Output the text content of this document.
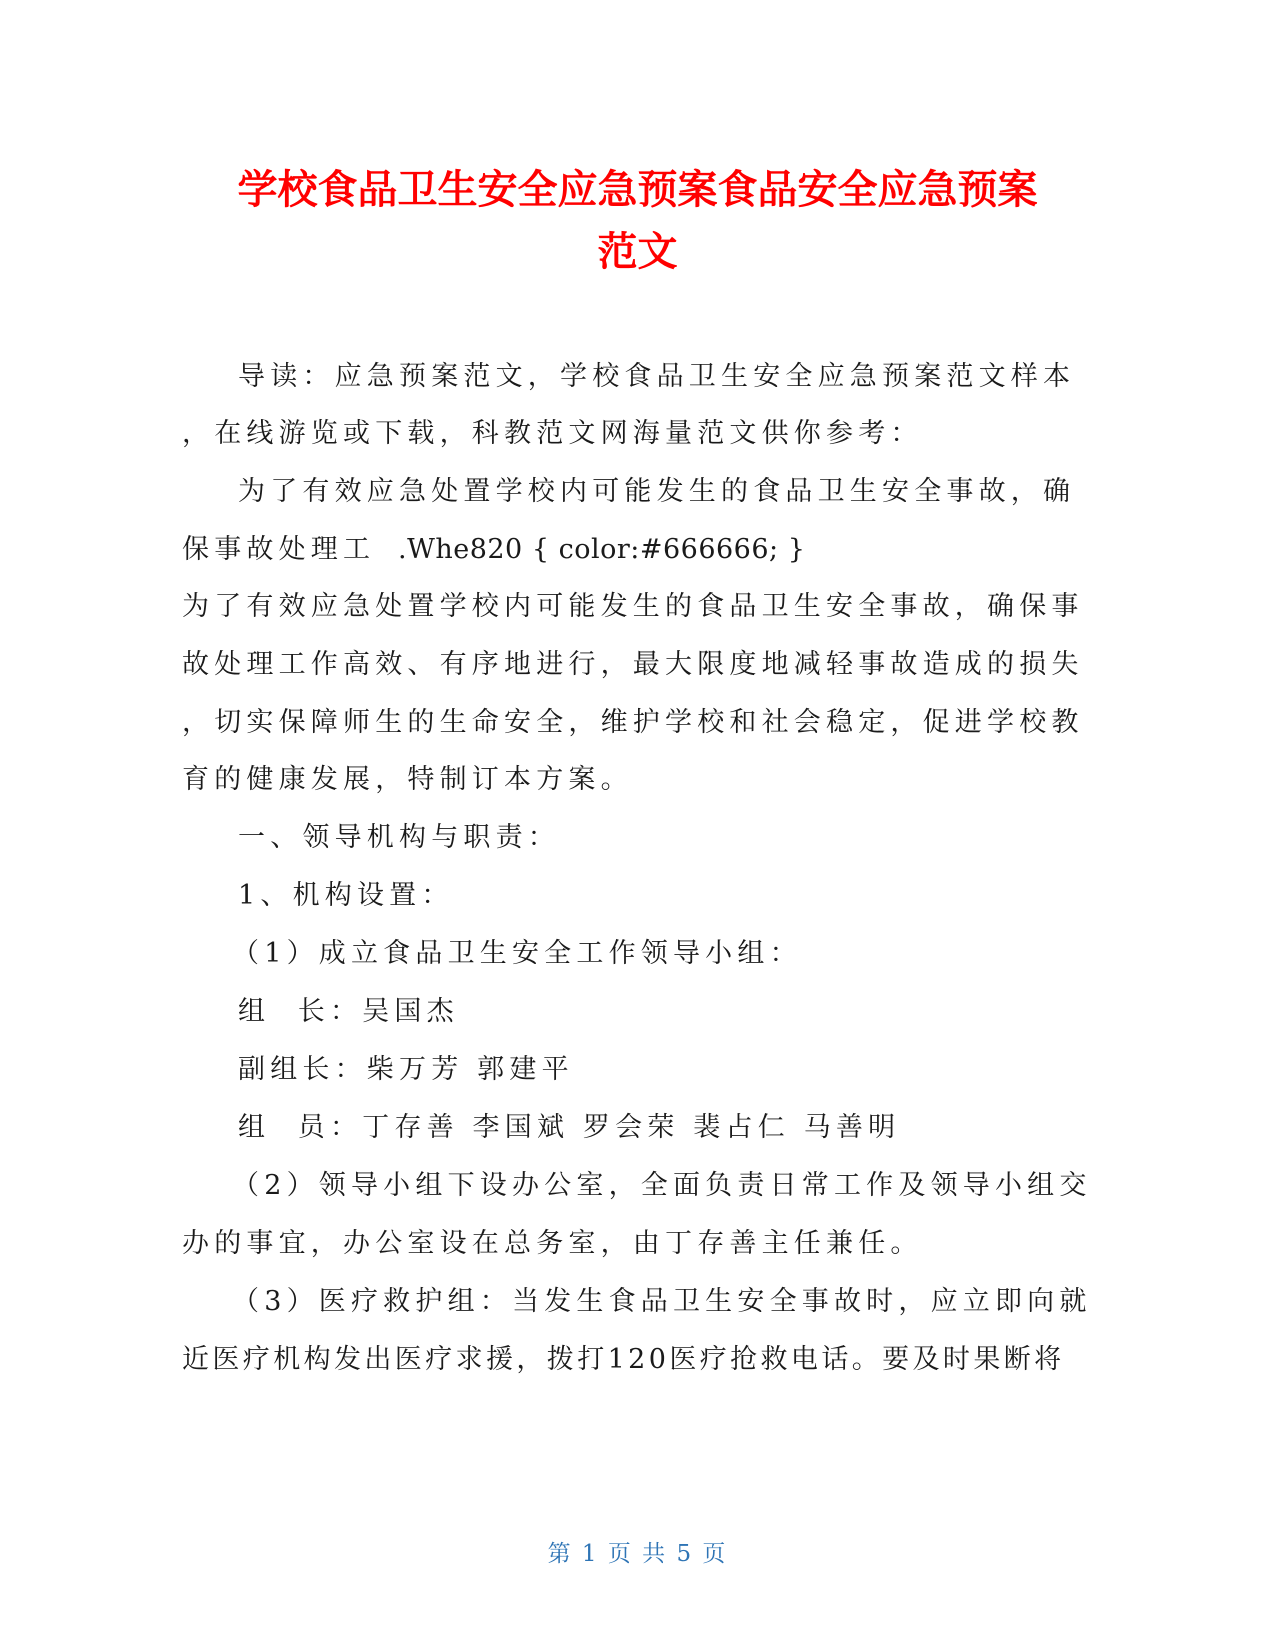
学校食品卫生安全应急预案食品安全应急预案
范文
导读：应急预案范文，学校食品卫生安全应急预案范文样本
，在线游览或下载，科教范文网海量范文供你参考：
为了有效应急处置学校内可能发生的食品卫生安全事故，确
保事故处理工 .Whe820 { color:#666666; }
为了有效应急处置学校内可能发生的食品卫生安全事故，确保事
故处理工作高效、有序地进行，最大限度地减轻事故造成的损失
，切实保障师生的生命安全，维护学校和社会稳定，促进学校教
育的健康发展，特制订本方案。
一、领导机构与职责：
1、机构设置：
（1）成立食品卫生安全工作领导小组：
组  长：吴国杰
副组长：柴万芳 郭建平
组  员：丁存善 李国斌 罗会荣 裴占仁 马善明
（2）领导小组下设办公室，全面负责日常工作及领导小组交
办的事宜，办公室设在总务室，由丁存善主任兼任。
（3）医疗救护组：当发生食品卫生安全事故时，应立即向就
近医疗机构发出医疗求援，拨打120医疗抢救电话。要及时果断将
第 1 页 共 5 页
